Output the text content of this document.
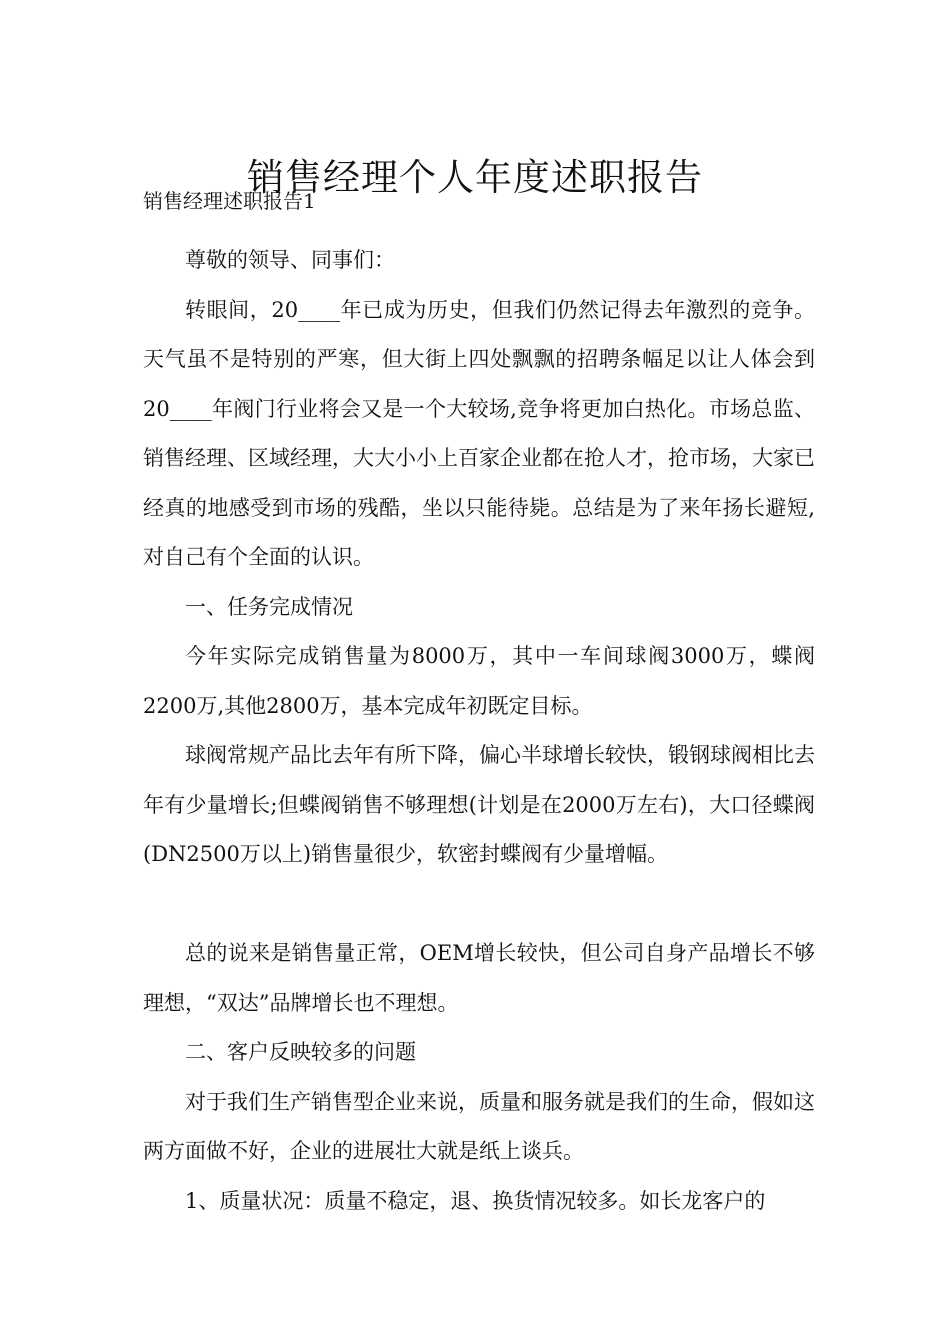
销售经理个人年度述职报告
销售经理述职报告1

尊敬的领导、同事们：

转眼间，20____年已成为历史，但我们仍然记得去年激烈的竞争。天气虽不是特别的严寒，但大街上四处飘飘的招聘条幅足以让人体会到20____年阀门行业将会又是一个大较场,竞争将更加白热化。市场总监、销售经理、区域经理，大大小小上百家企业都在抢人才，抢市场，大家已经真的地感受到市场的残酷，坐以只能待毙。总结是为了来年扬长避短,对自己有个全面的认识。

一、任务完成情况

今年实际完成销售量为8000万，其中一车间球阀3000万，蝶阀2200万,其他2800万，基本完成年初既定目标。

球阀常规产品比去年有所下降，偏心半球增长较快，锻钢球阀相比去年有少量增长;但蝶阀销售不够理想(计划是在2000万左右)，大口径蝶阀(DN2500万以上)销售量很少，软密封蝶阀有少量增幅。

总的说来是销售量正常，OEM增长较快，但公司自身产品增长不够理想，“双达”品牌增长也不理想。

二、客户反映较多的问题

对于我们生产销售型企业来说，质量和服务就是我们的生命，假如这两方面做不好，企业的进展壮大就是纸上谈兵。

1、质量状况：质量不稳定，退、换货情况较多。如长龙客户的
